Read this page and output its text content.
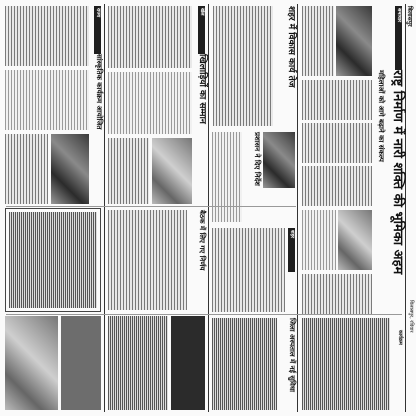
बिलासपुर
बिलासपुर, रविवार
समाचार
राष्ट्र निर्माण में नारी शक्ति की भूमिका अहम
महिलाओं को आगे बढ़ाने का संकल्प
कार्यक्रम
शहर में विकास कार्य तेज
प्रशासन ने दिए निर्देश
शहर
जिला अस्पताल में नई सुविधा
खेल
खिलाड़ियों का सम्मान
बैठक में लिए गए निर्णय
राज्य
सांस्कृतिक कार्यक्रम आयोजित
